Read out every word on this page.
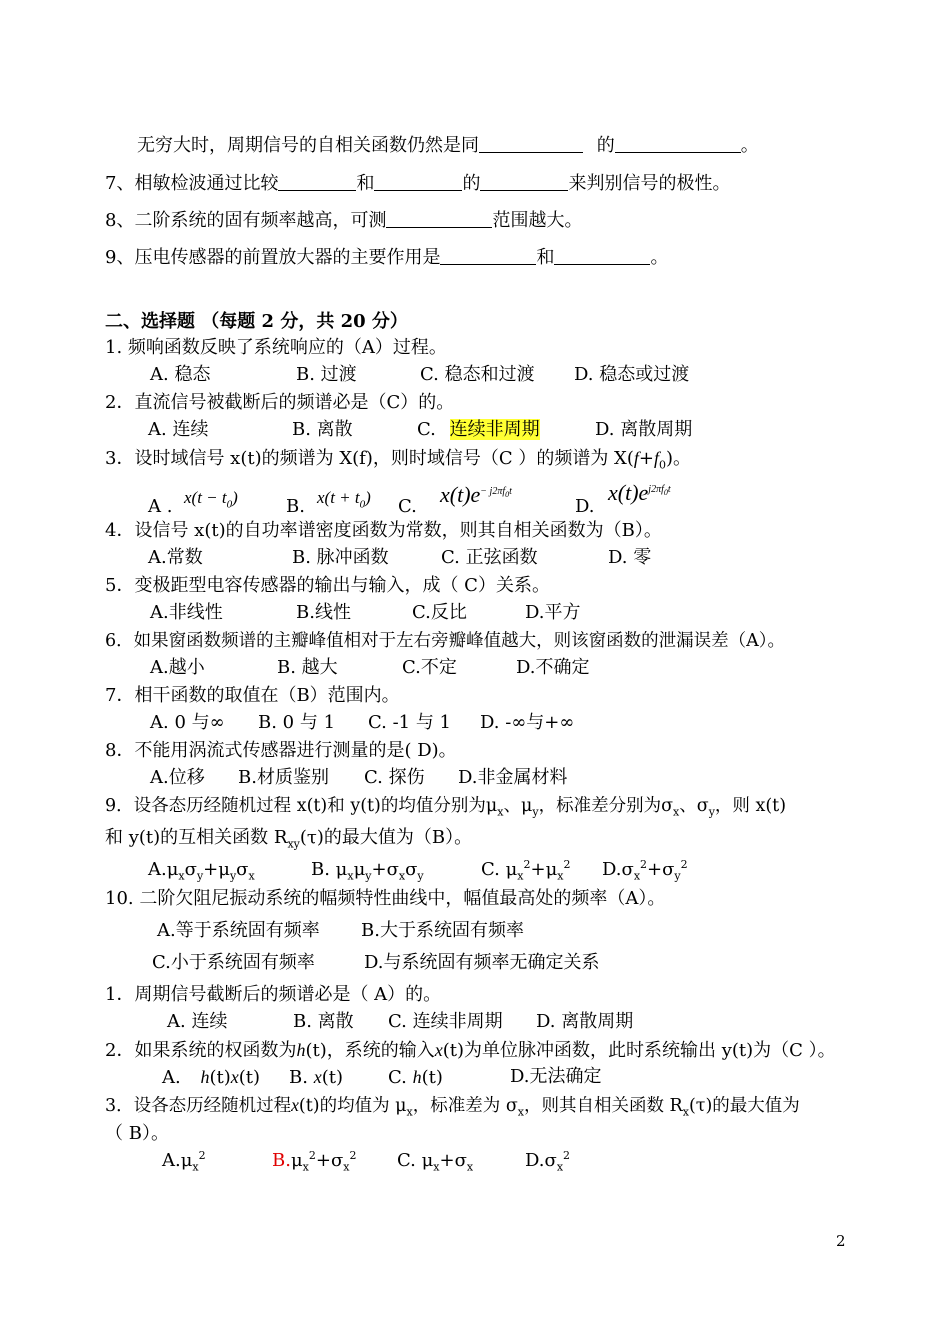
无穷大时，周期信号的自相关函数仍然是同	的	。
7、相敏检波通过比较	和	的	来判别信号的极性。
8、二阶系统的固有频率越高，可测	范围越大。
9、压电传感器的前置放大器的主要作用是	和	。
二、选择题 （每题 2 分，共 20 分）
1. 频响函数反映了系统响应的（A）过程。
A. 稳态	B. 过渡	C. 稳态和过渡 D. 稳态或过渡
2．直流信号被截断后的频谱必是（C）的。
A. 连续	B. 离散	C. 连续非周期	D. 离散周期
3．设时域信号 x(t)的频谱为 X(f)，则时域信号（C ）的频谱为 $X(f+f_0)$。
A . $x(t - t_0)$	B. $x(t + t_0)$ C. $x(t)e^{- j2\pi f_0t}$
D.
$x(t)e^{j2\pi f_0t}$
4．设信号 x(t)的自功率谱密度函数为常数，则其自相关函数为（B）。
A.常数	B. 脉冲函数	C. 正弦函数	D. 零
5．变极距型电容传感器的输出与输入，成（ C）关系。
A.非线性	B.线性	C.反比	D.平方
6．如果窗函数频谱的主瓣峰值相对于左右旁瓣峰值越大，则该窗函数的泄漏误差（A）。
A.越小	B. 越大	C.不定	D.不确定
7．相干函数的取值在（B）范围内。
A. 0 与∞ B. 0 与 1 C. -1 与 1 D. -∞与+∞
8．不能用涡流式传感器进行测量的是( D)。
A.位移 B.材质鉴别 C. 探伤 D.非金属材料
9．设各态历经随机过程 x(t)和 y(t)的均值分别为$\mu_x$、$\mu_y$，标准差分别为$\sigma_x$、$\sigma_y$，则 x(t)
和 y(t)的互相关函数 $R_{xy}(\tau)$的最大值为（B）。
$A.\mu_x\sigma_y+\mu_y\sigma_x$	B. $\mu_x\mu_y+\sigma_x\sigma_y$	C. $\mu_x^2+\mu_x^2$ $D.\sigma_x^2+\sigma_y^2$
10. 二阶欠阻尼振动系统的幅频特性曲线中，幅值最高处的频率（A）。
A.等于系统固有频率 B.大于系统固有频率
C.小于系统固有频率	D.与系统固有频率无确定关系
1．周期信号截断后的频谱必是（ A）的。
A. 连续	B. 离散 C. 连续非周期 D. 离散周期
2．如果系统的权函数为h(t)，系统的输入x(t)为单位脉冲函数，此时系统输出 y(t)为（C ）。
A. h(t)x(t) B. x(t)	C. h(t)	D.无法确定
3．设各态历经随机过程x(t)的均值为 $\mu_x$，标准差为 $\sigma_x$，则其自相关函数 $R_x(\tau)$的最大值为
（ B）。
$A.\mu_x^2$	$B.\mu_x^2+\sigma_x^2$ C. $\mu_x+\sigma_x$	$D.\sigma_x^2$
2
